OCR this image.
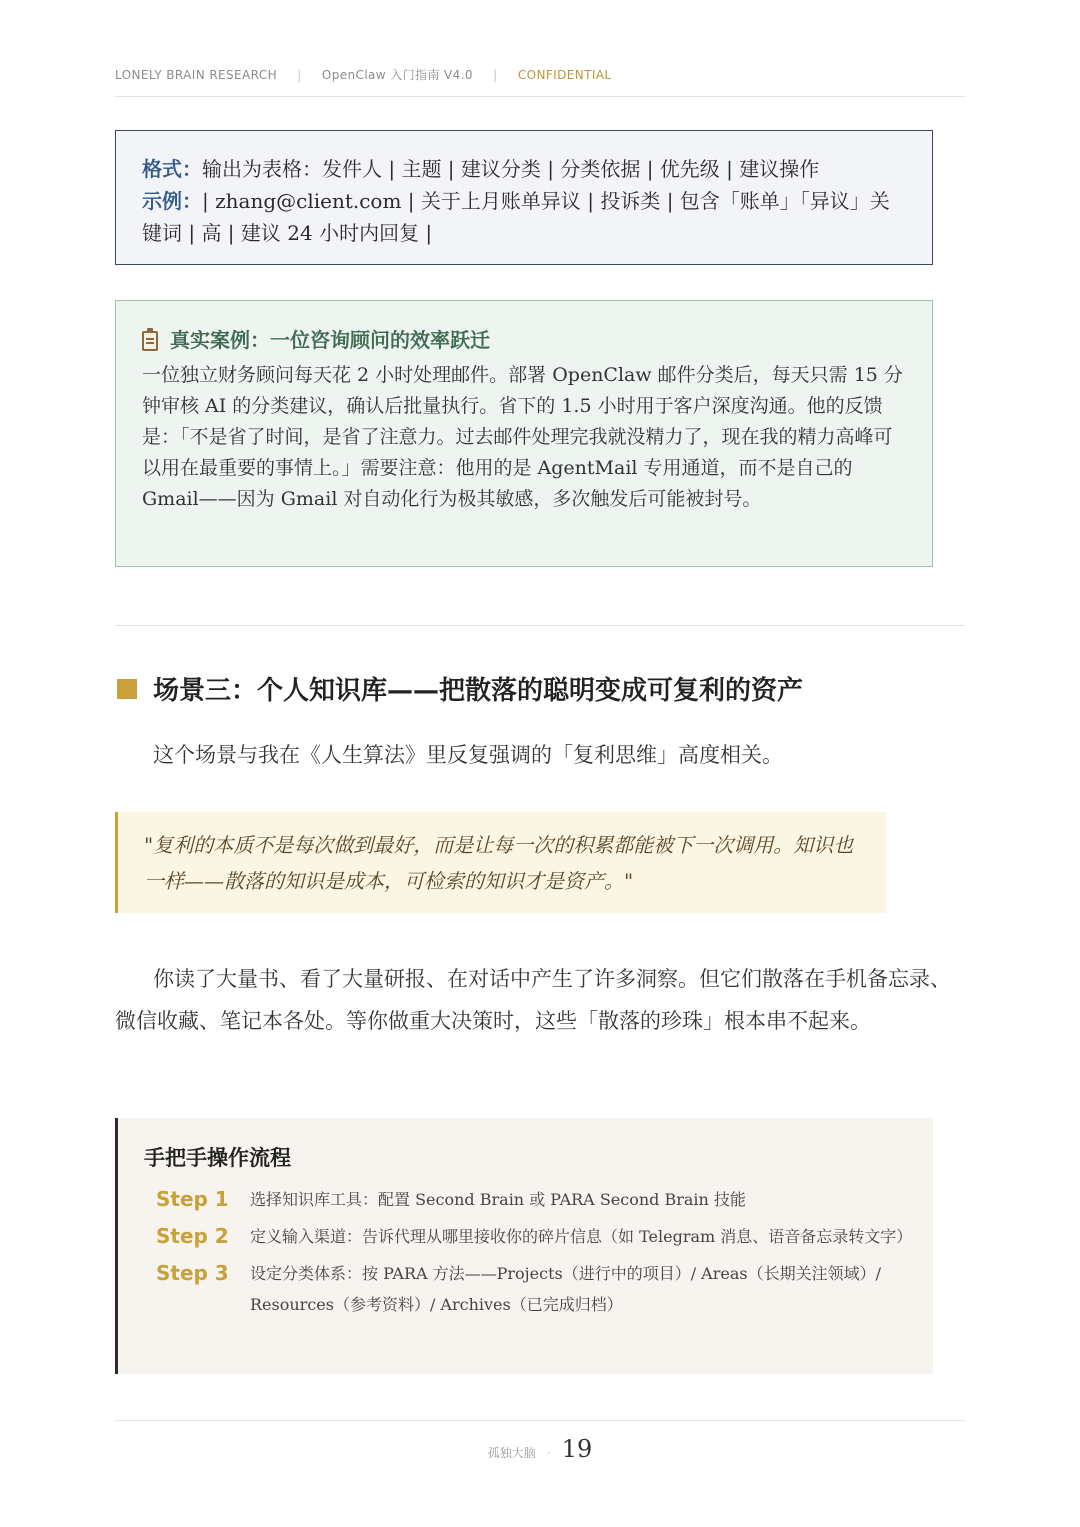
LONELY BRAIN RESEARCH | OpenClaw 入门指南 V4.0 | CONFIDENTIAL
格式：输出为表格：发件人 | 主题 | 建议分类 | 分类依据 | 优先级 | 建议操作
示例：| zhang@client.com | 关于上月账单异议 | 投诉类 | 包含「账单」「异议」关键词 | 高 | 建议 24 小时内回复 |
真实案例：一位咨询顾问的效率跃迁
一位独立财务顾问每天花 2 小时处理邮件。部署 OpenClaw 邮件分类后，每天只需 15 分钟审核 AI 的分类建议，确认后批量执行。省下的 1.5 小时用于客户深度沟通。他的反馈是：「不是省了时间，是省了注意力。过去邮件处理完我就没精力了，现在我的精力高峰可以用在最重要的事情上。」需要注意：他用的是 AgentMail 专用通道，而不是自己的 Gmail——因为 Gmail 对自动化行为极其敏感，多次触发后可能被封号。
场景三：个人知识库——把散落的聪明变成可复利的资产
这个场景与我在《人生算法》里反复强调的「复利思维」高度相关。
"复利的本质不是每次做到最好，而是让每一次的积累都能被下一次调用。知识也一样——散落的知识是成本，可检索的知识才是资产。"
你读了大量书、看了大量研报、在对话中产生了许多洞察。但它们散落在手机备忘录、微信收藏、笔记本各处。等你做重大决策时，这些「散落的珍珠」根本串不起来。
手把手操作流程
Step 1	选择知识库工具：配置 Second Brain 或 PARA Second Brain 技能
Step 2	定义输入渠道：告诉代理从哪里接收你的碎片信息（如 Telegram 消息、语音备忘录转文字）
Step 3	设定分类体系：按 PARA 方法——Projects（进行中的项目）/ Areas（长期关注领域）/ Resources（参考资料）/ Archives（已完成归档）
孤独大脑 · 19
